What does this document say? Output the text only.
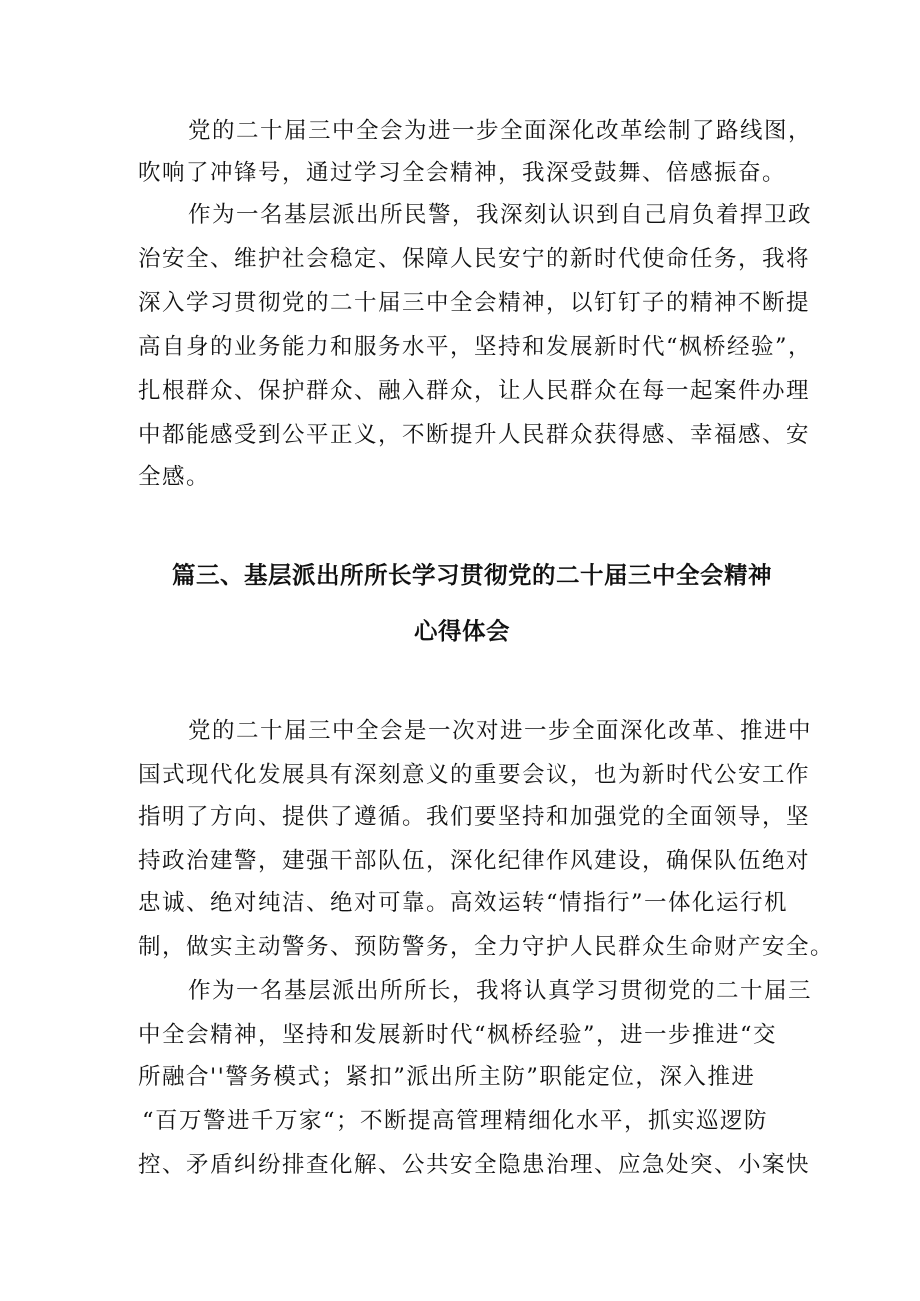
党的二十届三中全会为进一步全面深化改革绘制了路线图，

吹响了冲锋号，通过学习全会精神，我深受鼓舞、倍感振奋。

作为一名基层派出所民警，我深刻认识到自己肩负着捍卫政

治安全、维护社会稳定、保障人民安宁的新时代使命任务，我将

深入学习贯彻党的二十届三中全会精神，以钉钉子的精神不断提

高自身的业务能力和服务水平，坚持和发展新时代“枫桥经验”，

扎根群众、保护群众、融入群众，让人民群众在每一起案件办理

中都能感受到公平正义，不断提升人民群众获得感、幸福感、安

全感。

篇三、基层派出所所长学习贯彻党的二十届三中全会精神

心得体会

党的二十届三中全会是一次对进一步全面深化改革、推进中

国式现代化发展具有深刻意义的重要会议，也为新时代公安工作

指明了方向、提供了遵循。我们要坚持和加强党的全面领导，坚

持政治建警，建强干部队伍，深化纪律作风建设，确保队伍绝对

忠诚、绝对纯洁、绝对可靠。高效运转“情指行”一体化运行机

制，做实主动警务、预防警务，全力守护人民群众生命财产安全。

作为一名基层派出所所长，我将认真学习贯彻党的二十届三

中全会精神，坚持和发展新时代“枫桥经验”，进一步推进“交

所融合''警务模式；紧扣”派出所主防”职能定位，深入推进

“百万警进千万家“；不断提高管理精细化水平，抓实巡逻防

控、矛盾纠纷排查化解、公共安全隐患治理、应急处突、小案快
